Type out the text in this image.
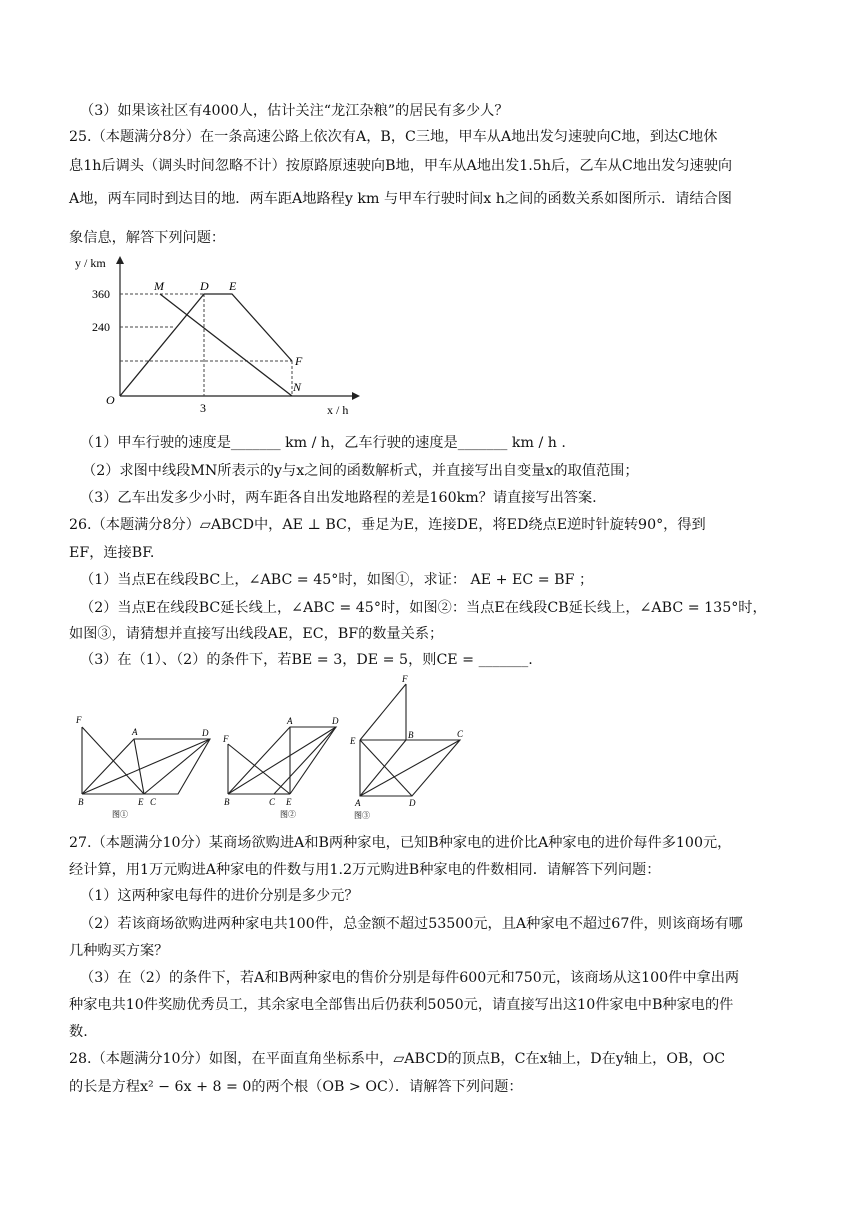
（3）如果该社区有4000人，估计关注“龙江杂粮”的居民有多少人？
25.（本题满分8分）在一条高速公路上依次有A，B，C三地，甲车从A地出发匀速驶向C地，到达C地休
息1h后调头（调头时间忽略不计）按原路原速驶向B地，甲车从A地出发1.5h后，乙车从C地出发匀速驶向
A地，两车同时到达目的地．两车距A地路程y km 与甲车行驶时间x h之间的函数关系如图所示．请结合图
象信息，解答下列问题：
y / km
x / h
O
360
240
3
M	D E
F
N
（1）甲车行驶的速度是_______ km / h，乙车行驶的速度是_______ km / h .
（2）求图中线段MN所表示的y与x之间的函数解析式，并直接写出自变量x的取值范围；
（3）乙车出发多少小时，两车距各自出发地路程的差是160km？请直接写出答案.
26.（本题满分8分）▱ABCD中，AE ⊥ BC，垂足为E，连接DE，将ED绕点E逆时针旋转90°，得到
EF，连接BF.
（1）当点E在线段BC上，∠ABC = 45°时，如图①，求证： AE + EC = BF ；
（2）当点E在线段BC延长线上，∠ABC = 45°时，如图②：当点E在线段CB延长线上，∠ABC = 135°时，
如图③，请猜想并直接写出线段AE，EC，BF的数量关系；
（3）在（1）、（2）的条件下，若BE = 3，DE = 5，则CE = _______.
F
A	D
B	E C
图①
F
A	D
B	C E
图②
F
E
B	C
A	D
图③
27.（本题满分10分）某商场欲购进A和B两种家电，已知B种家电的进价比A种家电的进价每件多100元，
经计算，用1万元购进A种家电的件数与用1.2万元购进B种家电的件数相同．请解答下列问题：
（1）这两种家电每件的进价分别是多少元？
（2）若该商场欲购进两种家电共100件，总金额不超过53500元，且A种家电不超过67件，则该商场有哪
几种购买方案？
（3）在（2）的条件下，若A和B两种家电的售价分别是每件600元和750元，该商场从这100件中拿出两
种家电共10件奖励优秀员工，其余家电全部售出后仍获利5050元，请直接写出这10件家电中B种家电的件
数.
28.（本题满分10分）如图，在平面直角坐标系中，▱ABCD的顶点B，C在x轴上，D在y轴上，OB，OC
的长是方程x² − 6x + 8 = 0的两个根（OB > OC）．请解答下列问题：
